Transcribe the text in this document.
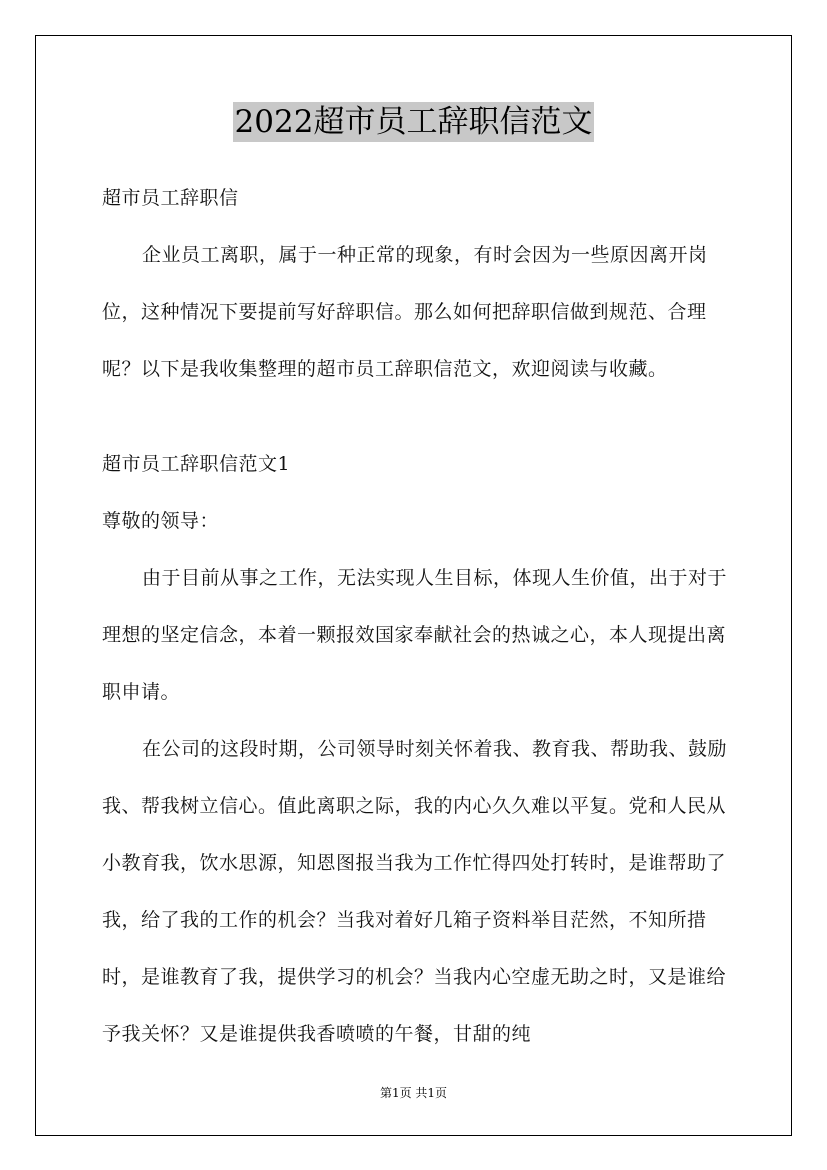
2022超市员工辞职信范文

超市员工辞职信

企业员工离职，属于一种正常的现象，有时会因为一些原因离开岗位，这种情况下要提前写好辞职信。那么如何把辞职信做到规范、合理呢？以下是我收集整理的超市员工辞职信范文，欢迎阅读与收藏。

超市员工辞职信范文1

尊敬的领导：

由于目前从事之工作，无法实现人生目标，体现人生价值，出于对于理想的坚定信念，本着一颗报效国家奉献社会的热诚之心，本人现提出离职申请。

在公司的这段时期，公司领导时刻关怀着我、教育我、帮助我、鼓励我、帮我树立信心。值此离职之际，我的内心久久难以平复。党和人民从小教育我，饮水思源，知恩图报当我为工作忙得四处打转时，是谁帮助了我，给了我的工作的机会？当我对着好几箱子资料举目茫然，不知所措时，是谁教育了我，提供学习的机会？当我内心空虚无助之时，又是谁给予我关怀？又是谁提供我香喷喷的午餐，甘甜的纯

第1页 共1页
